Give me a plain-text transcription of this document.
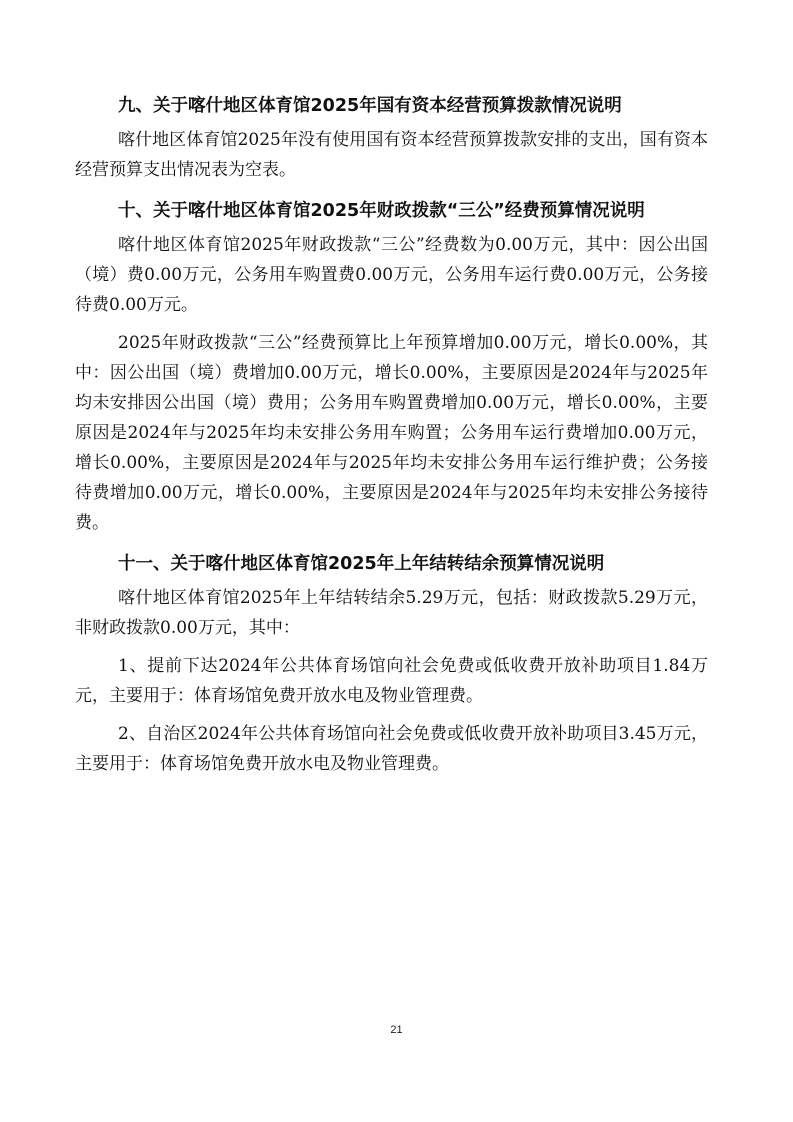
九、关于喀什地区体育馆2025年国有资本经营预算拨款情况说明

喀什地区体育馆2025年没有使用国有资本经营预算拨款安排的支出，国有资本经营预算支出情况表为空表。

十、关于喀什地区体育馆2025年财政拨款“三公”经费预算情况说明

喀什地区体育馆2025年财政拨款“三公”经费数为0.00万元，其中：因公出国（境）费0.00万元，公务用车购置费0.00万元，公务用车运行费0.00万元，公务接待费0.00万元。

2025年财政拨款“三公”经费预算比上年预算增加0.00万元，增长0.00%，其中：因公出国（境）费增加0.00万元，增长0.00%，主要原因是2024年与2025年均未安排因公出国（境）费用；公务用车购置费增加0.00万元，增长0.00%，主要原因是2024年与2025年均未安排公务用车购置；公务用车运行费增加0.00万元，增长0.00%，主要原因是2024年与2025年均未安排公务用车运行维护费；公务接待费增加0.00万元，增长0.00%，主要原因是2024年与2025年均未安排公务接待费。

十一、关于喀什地区体育馆2025年上年结转结余预算情况说明

喀什地区体育馆2025年上年结转结余5.29万元，包括：财政拨款5.29万元，非财政拨款0.00万元，其中：

1、提前下达2024年公共体育场馆向社会免费或低收费开放补助项目1.84万元，主要用于：体育场馆免费开放水电及物业管理费。

2、自治区2024年公共体育场馆向社会免费或低收费开放补助项目3.45万元，主要用于：体育场馆免费开放水电及物业管理费。

21
